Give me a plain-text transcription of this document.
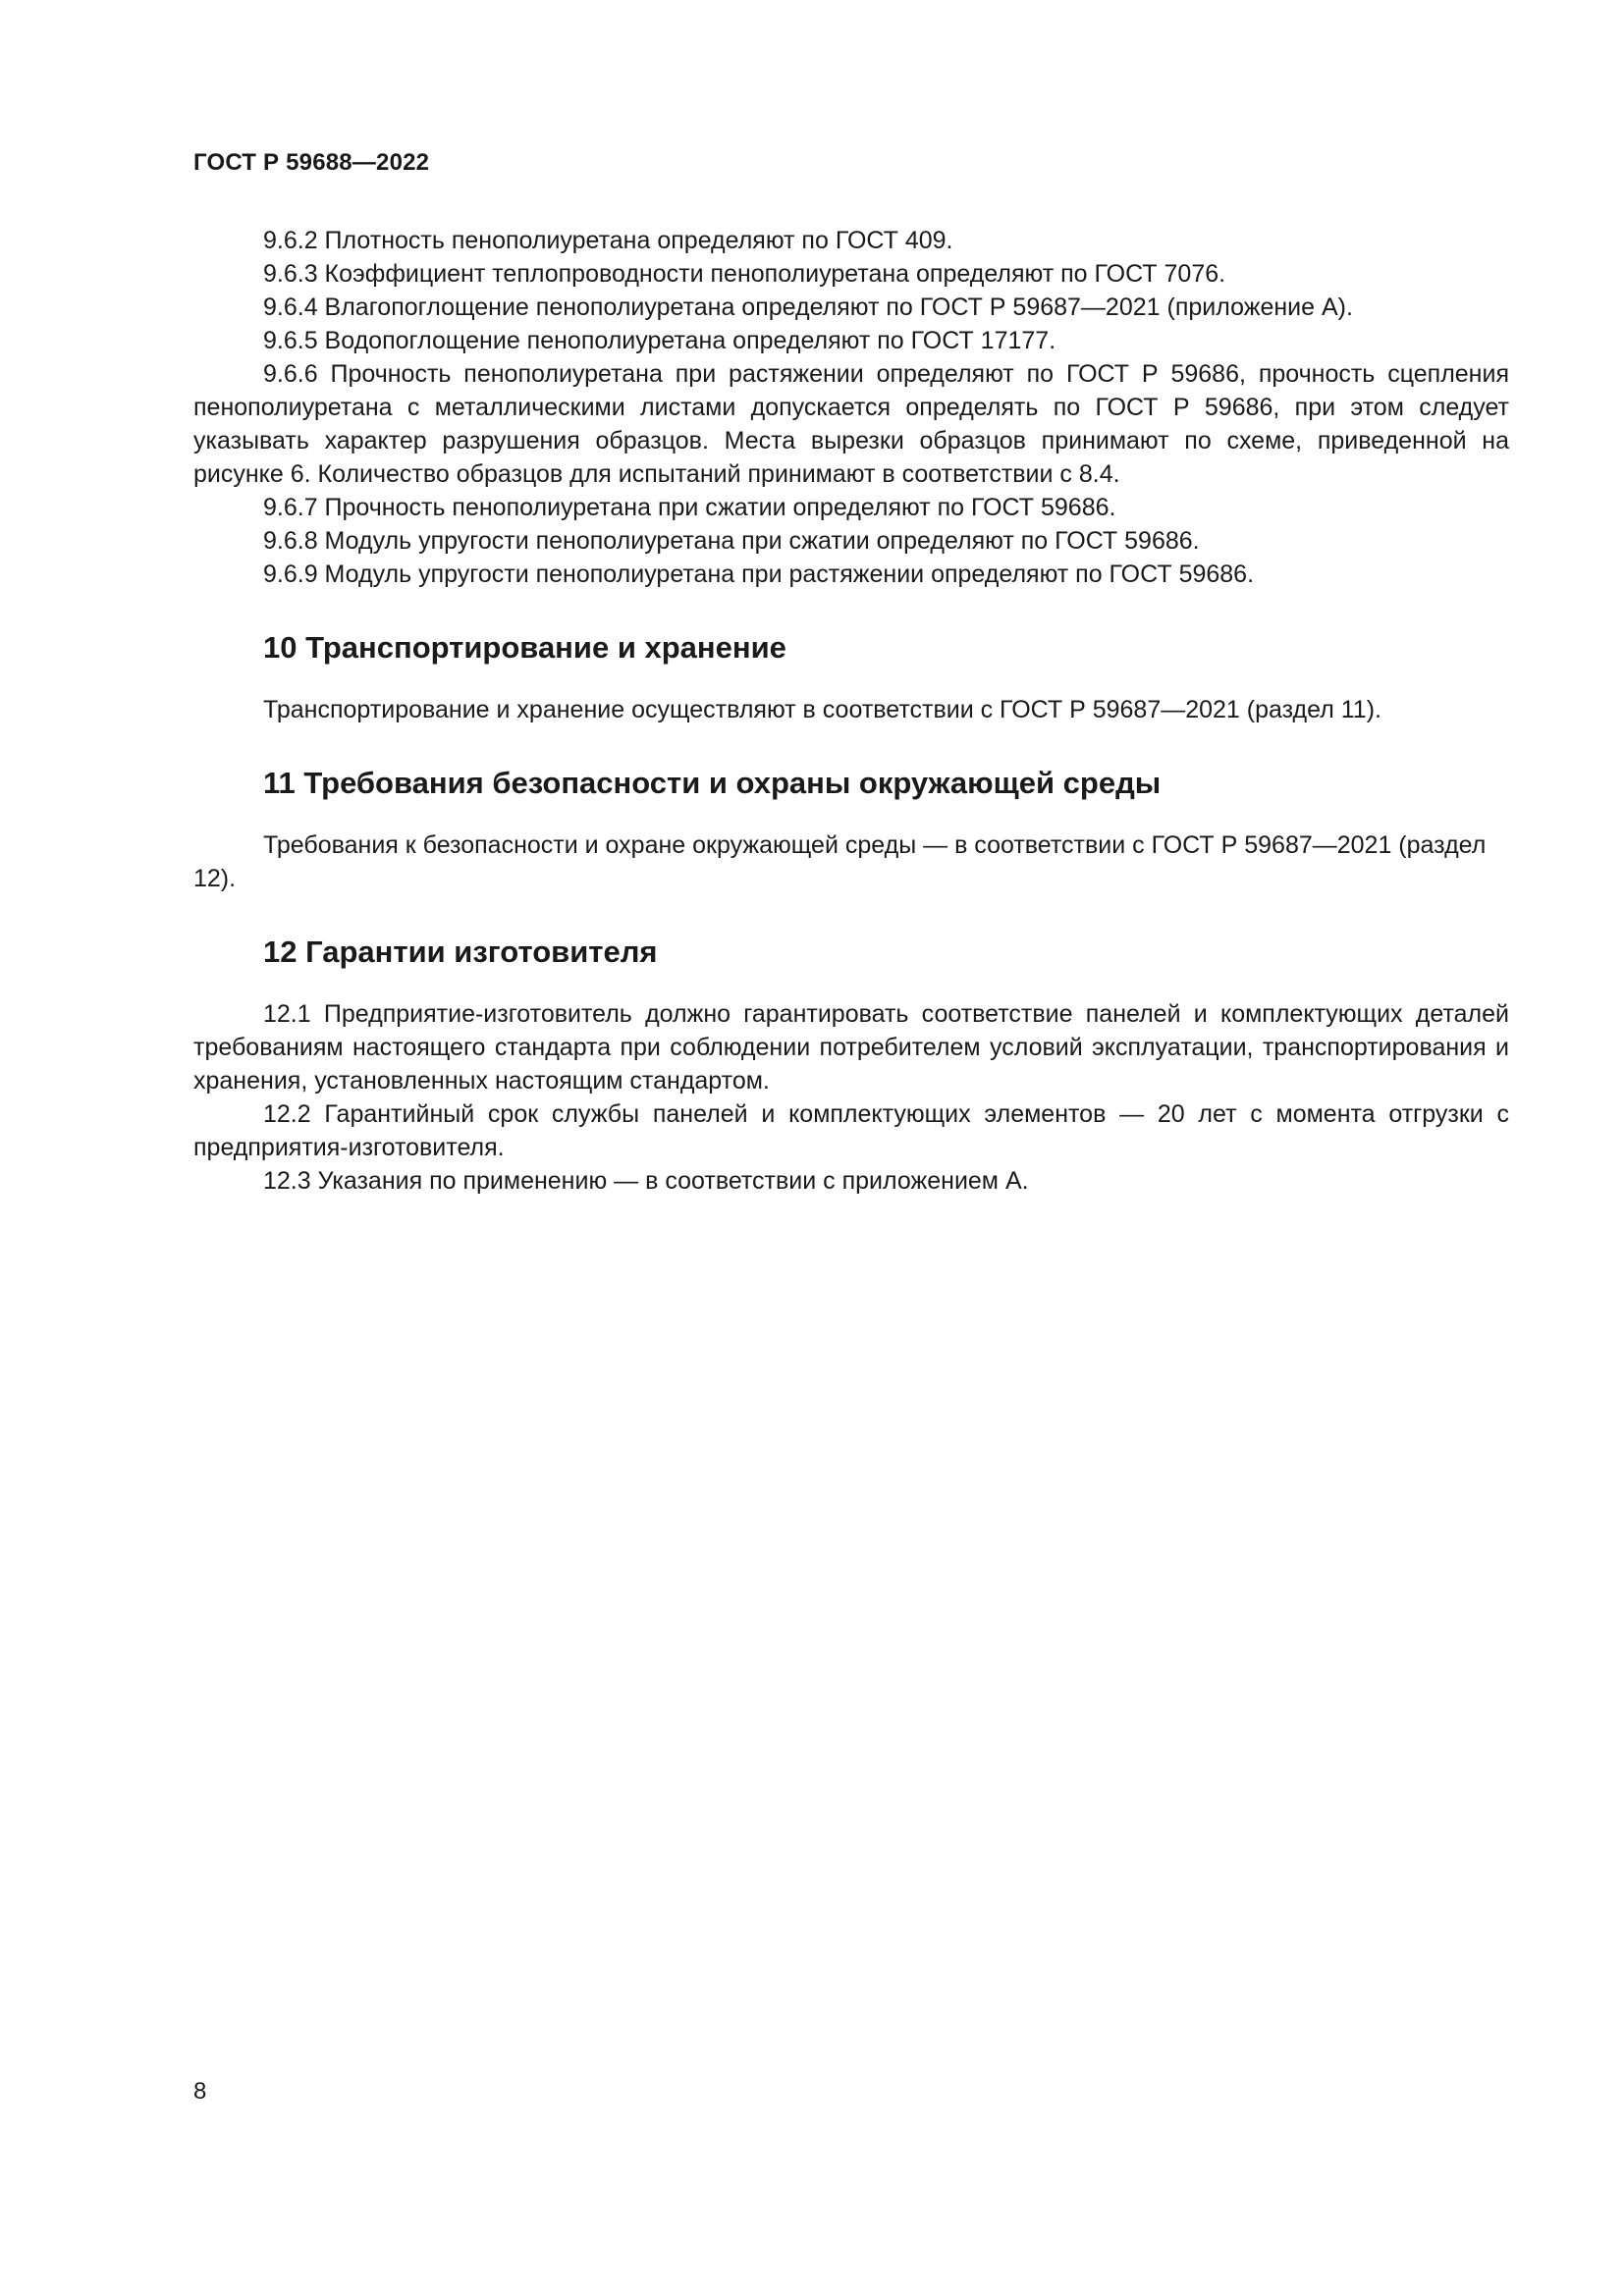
ГОСТ Р 59688—2022

9.6.2 Плотность пенополиуретана определяют по ГОСТ 409.

9.6.3 Коэффициент теплопроводности пенополиуретана определяют по ГОСТ 7076.

9.6.4 Влагопоглощение пенополиуретана определяют по ГОСТ Р 59687—2021 (приложение А).

9.6.5 Водопоглощение пенополиуретана определяют по ГОСТ 17177.

9.6.6 Прочность пенополиуретана при растяжении определяют по ГОСТ Р 59686, прочность сцепления пенополиуретана с металлическими листами допускается определять по ГОСТ Р 59686, при этом следует указывать характер разрушения образцов. Места вырезки образцов принимают по схеме, приведенной на рисунке 6. Количество образцов для испытаний принимают в соответствии с 8.4.

9.6.7 Прочность пенополиуретана при сжатии определяют по ГОСТ 59686.

9.6.8 Модуль упругости пенополиуретана при сжатии определяют по ГОСТ 59686.

9.6.9 Модуль упругости пенополиуретана при растяжении определяют по ГОСТ 59686.

10 Транспортирование и хранение

Транспортирование и хранение осуществляют в соответствии с ГОСТ Р 59687—2021 (раздел 11).

11 Требования безопасности и охраны окружающей среды

Требования к безопасности и охране окружающей среды — в соответствии с ГОСТ Р 59687—2021 (раздел 12).

12 Гарантии изготовителя

12.1 Предприятие-изготовитель должно гарантировать соответствие панелей и комплектующих деталей требованиям настоящего стандарта при соблюдении потребителем условий эксплуатации, транспортирования и хранения, установленных настоящим стандартом.

12.2 Гарантийный срок службы панелей и комплектующих элементов — 20 лет с момента отгрузки с предприятия-изготовителя.

12.3 Указания по применению — в соответствии с приложением А.

8
